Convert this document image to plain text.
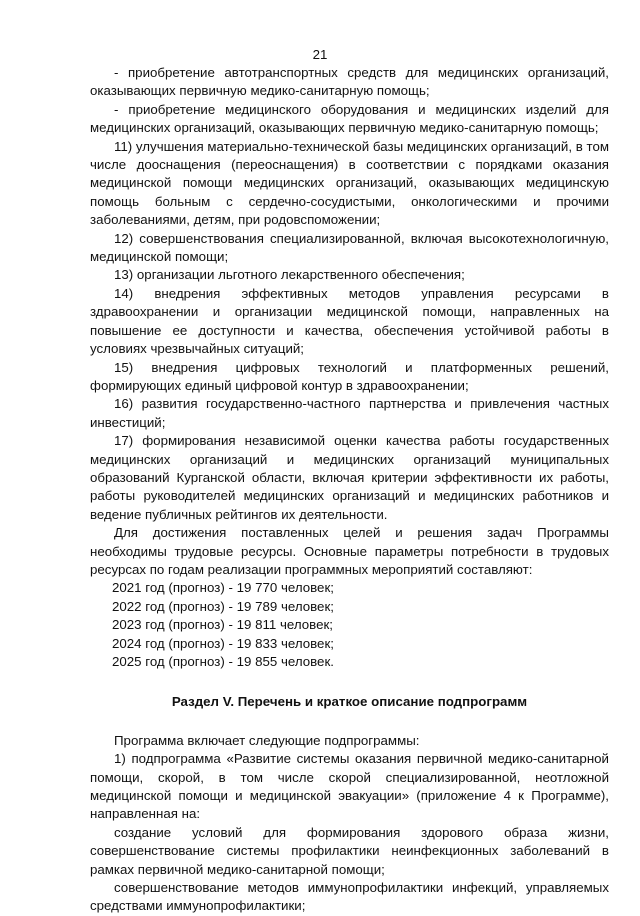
21

- приобретение автотранспортных средств для медицинских организаций, оказывающих первичную медико-санитарную помощь;

- приобретение медицинского оборудования и медицинских изделий для медицинских организаций, оказывающих первичную медико-санитарную помощь;

11) улучшения материально-технической базы медицинских организаций, в том числе дооснащения (переоснащения) в соответствии с порядками оказания медицинской помощи медицинских организаций, оказывающих медицинскую помощь больным с сердечно-сосудистыми, онкологическими и прочими заболеваниями, детям, при родовспоможении;

12) совершенствования специализированной, включая высокотехнологичную, медицинской помощи;

13) организации льготного лекарственного обеспечения;

14) внедрения эффективных методов управления ресурсами в здравоохранении и организации медицинской помощи, направленных на повышение ее доступности и качества, обеспечения устойчивой работы в условиях чрезвычайных ситуаций;

15) внедрения цифровых технологий и платформенных решений, формирующих единый цифровой контур в здравоохранении;

16) развития государственно-частного партнерства и привлечения частных инвестиций;

17) формирования независимой оценки качества работы государственных медицинских организаций и медицинских организаций муниципальных образований Курганской области, включая критерии эффективности их работы, работы руководителей медицинских организаций и медицинских работников и ведение публичных рейтингов их деятельности.

Для достижения поставленных целей и решения задач Программы необходимы трудовые ресурсы. Основные параметры потребности в трудовых ресурсах по годам реализации программных мероприятий составляют:

2021 год (прогноз) - 19 770 человек;

2022 год (прогноз) - 19 789 человек;

2023 год (прогноз) - 19 811 человек;

2024 год (прогноз) - 19 833 человек;

2025 год (прогноз) - 19 855 человек.

Раздел V. Перечень и краткое описание подпрограмм

Программа включает следующие подпрограммы:

1) подпрограмма «Развитие системы оказания первичной медико-санитарной помощи, скорой, в том числе скорой специализированной, неотложной медицинской помощи и медицинской эвакуации» (приложение 4 к Программе), направленная на:

создание условий для формирования здорового образа жизни, совершенствование системы профилактики неинфекционных заболеваний в рамках первичной медико-санитарной помощи;

совершенствование методов иммунопрофилактики инфекций, управляемых средствами иммунопрофилактики;
